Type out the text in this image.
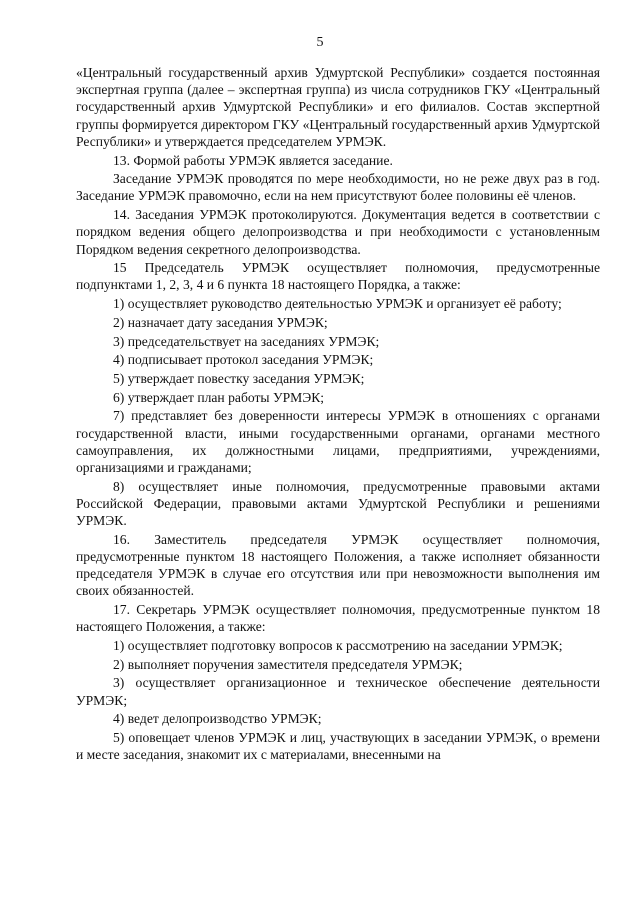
5

«Центральный государственный архив Удмуртской Республики» создается постоянная экспертная группа (далее – экспертная группа) из числа сотрудников ГКУ «Центральный государственный архив Удмуртской Республики» и его филиалов. Состав экспертной группы формируется директором ГКУ «Центральный государственный архив Удмуртской Республики» и утверждается председателем УРМЭК.

13. Формой работы УРМЭК является заседание.

Заседание УРМЭК проводятся по мере необходимости, но не реже двух раз в год. Заседание УРМЭК правомочно, если на нем присутствуют более половины её членов.

14. Заседания УРМЭК протоколируются. Документация ведется в соответствии с порядком ведения общего делопроизводства и при необходимости с установленным Порядком ведения секретного делопроизводства.

15 Председатель УРМЭК осуществляет полномочия, предусмотренные подпунктами 1, 2, 3, 4 и 6 пункта 18 настоящего Порядка, а также:

1) осуществляет руководство деятельностью УРМЭК и организует её работу;

2) назначает дату заседания УРМЭК;

3) председательствует на заседаниях УРМЭК;

4) подписывает протокол заседания УРМЭК;

5) утверждает повестку заседания УРМЭК;

6) утверждает план работы УРМЭК;

7) представляет без доверенности интересы УРМЭК в отношениях с органами государственной власти, иными государственными органами, органами местного самоуправления, их должностными лицами, предприятиями, учреждениями, организациями и гражданами;

8) осуществляет иные полномочия, предусмотренные правовыми актами Российской Федерации, правовыми актами Удмуртской Республики и решениями УРМЭК.

16. Заместитель председателя УРМЭК осуществляет полномочия, предусмотренные пунктом 18 настоящего Положения, а также исполняет обязанности председателя УРМЭК в случае его отсутствия или при невозможности выполнения им своих обязанностей.

17. Секретарь УРМЭК осуществляет полномочия, предусмотренные пунктом 18 настоящего Положения, а также:

1) осуществляет подготовку вопросов к рассмотрению на заседании УРМЭК;

2) выполняет поручения заместителя председателя УРМЭК;

3) осуществляет организационное и техническое обеспечение деятельности УРМЭК;

4) ведет делопроизводство УРМЭК;

5) оповещает членов УРМЭК и лиц, участвующих в заседании УРМЭК, о времени и месте заседания, знакомит их с материалами, внесенными на
